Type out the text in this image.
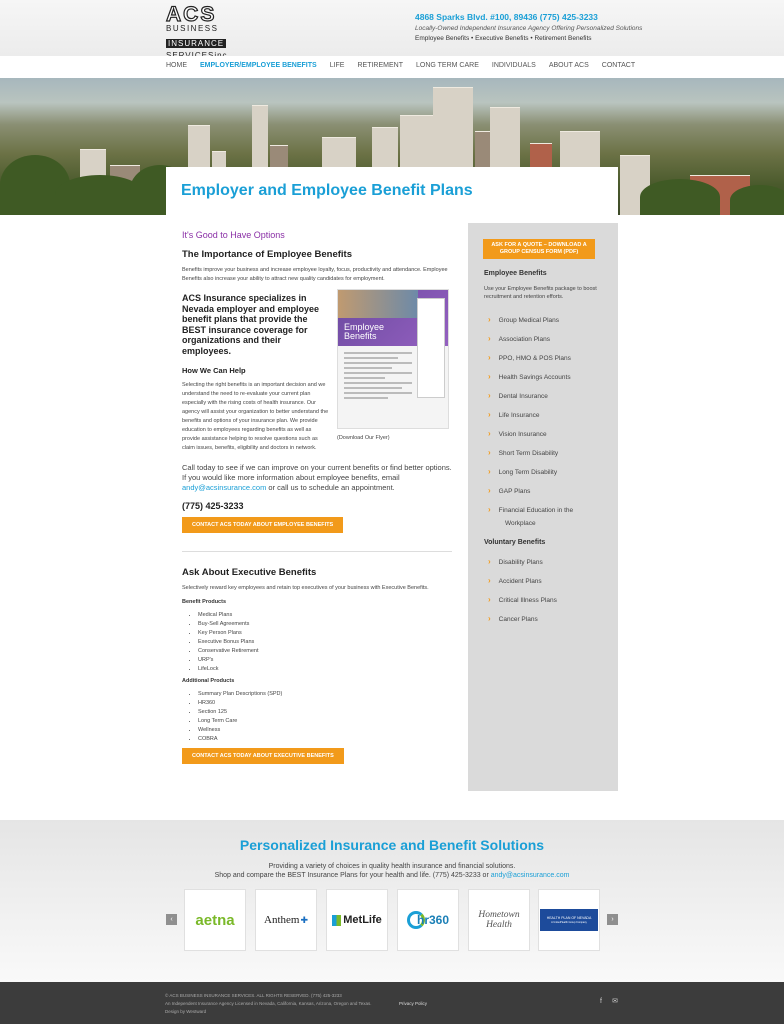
ACS
BUSINESS
INSURANCE
4868 Sparks Blvd. #100, 89436 (775) 425-3233
Locally-Owned Independent Insurance Agency Offering Personalized Solutions
Employee Benefits • Executive Benefits • Retirement Benefits
HOME EMPLOYER/EMPLOYEE BENEFITS LIFE RETIREMENT LONG TERM CARE INDIVIDUALS ABOUT ACS CONTACT
Employer and Employee Benefit Plans
It's Good to Have Options
The Importance of Employee Benefits

Benefits improve your business and increase employee loyalty, focus, productivity and attendance. Employee Benefits also increase your ability to attract new quality candidates for employment.

ACS Insurance specializes in Nevada employer and employee benefit plans that provide the BEST insurance coverage for organizations and their employees.

How We Can Help

Selecting the right benefits is an important decision and we understand the need to re-evaluate your current plan especially with the rising costs of health insurance. Our agency will assist your organization to better understand the benefits and options of your insurance plan. We provide education to employees regarding benefits as well as provide assistance helping to resolve questions such as claim issues, benefits, eligibility and doctors in network.

Employee
Benefits
(Download Our Flyer)

Call today to see if we can improve on your current benefits or find better options. If you would like more information about employee benefits, email andy@acsinsurance.com or call us to schedule an appointment.

(775) 425-3233

CONTACT ACS TODAY ABOUT EMPLOYEE BENEFITS
Ask About Executive Benefits

Selectively reward key employees and retain top executives of your business with Executive Benefits.

Benefit Products

• Medical Plans
• Buy-Sell Agreements
• Key Person Plans
• Executive Bonus Plans
• Conservative Retirement
• URP's
• LifeLock

Additional Products

• Summary Plan Descriptions (SPD)
• HR360
• Section 125
• Long Term Care
• Wellness
• COBRA
CONTACT ACS TODAY ABOUT EXECUTIVE BENEFITS
ASK FOR A QUOTE – DOWNLOAD A GROUP CENSUS FORM (PDF)
Employee Benefits

Use your Employee Benefits package to boost recruitment and retention efforts.

› Group Medical Plans
› Association Plans
› PPO, HMO & POS Plans
› Health Savings Accounts
› Dental Insurance
› Life Insurance
› Vision Insurance
› Short Term Disability
› Long Term Disability
› GAP Plans
› Financial Education in the
Workplace
Voluntary Benefits
› Disability Plans
› Accident Plans
› Critical Illness Plans
› Cancer Plans
Personalized Insurance and Benefit Solutions
Providing a variety of choices in quality health insurance and financial solutions.
Shop and compare the BEST Insurance Plans for your health and life. (775) 425-3233 or andy@acsinsurance.com
‹	›
aetna	Anthem ✚	MetLife	hr360	Hometown Health
HEALTH PLAN OF NEVADA
A UnitedHealth Group Company
© ACS BUSINESS INSURANCE SERVICES. ALL RIGHTS RESERVED. (775) 425-3233
An Independent Insurance Agency Licensed in Nevada, California, Kansas, Arizona, Oregon and Texas.	Privacy Policy
Design by Westward
f	✉
